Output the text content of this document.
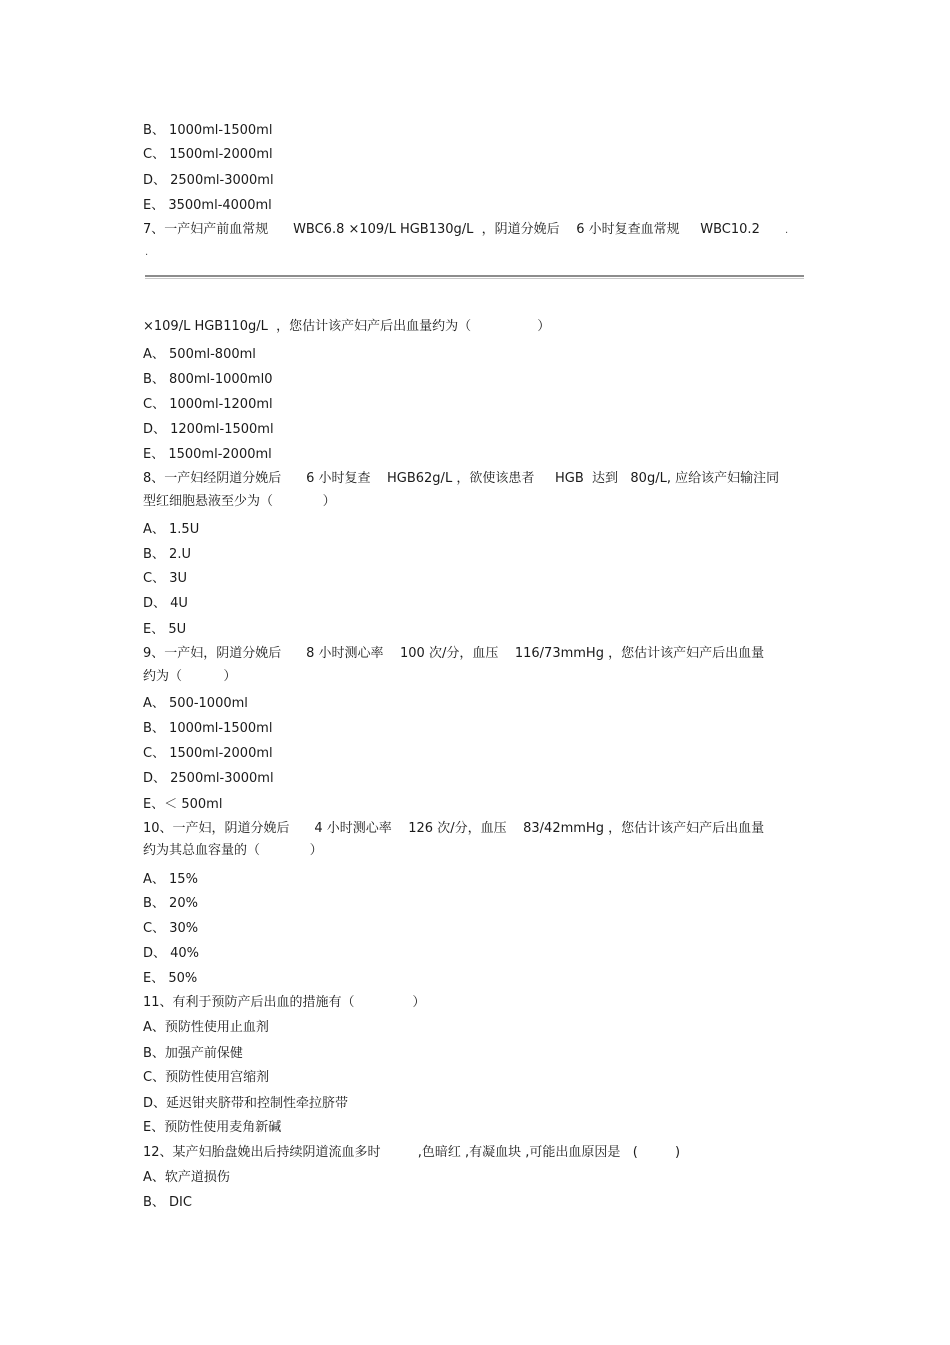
B、 1000ml-1500ml
C、 1500ml-2000ml
D、 2500ml-3000ml
E、 3500ml-4000ml
7、一产妇产前血常规      WBC6.8 ×109/L HGB130g/L  ，阴道分娩后    6 小时复查血常规     WBC10.2	.
.
×109/L HGB110g/L  ，您估计该产妇产后出血量约为（                ）
A、 500ml-800ml
B、 800ml-1000ml0
C、 1000ml-1200ml
D、 1200ml-1500ml
E、 1500ml-2000ml
8、一产妇经阴道分娩后      6 小时复查    HGB62g/L ，欲使该患者     HGB  达到   80g/L, 应给该产妇输注同
型红细胞悬液至少为（            ）
A、 1.5U
B、 2.U
C、 3U
D、 4U
E、 5U
9、一产妇，阴道分娩后      8 小时测心率    100 次/分，血压    116/73mmHg ，您估计该产妇产后出血量
约为（          ）
A、 500-1000ml
B、 1000ml-1500ml
C、 1500ml-2000ml
D、 2500ml-3000ml
E、＜ 500ml
10、一产妇，阴道分娩后      4 小时测心率    126 次/分，血压    83/42mmHg ，您估计该产妇产后出血量
约为其总血容量的（            ）
A、 15%
B、 20%
C、 30%
D、 40%
E、 50%
11、有利于预防产后出血的措施有（              ）
A、预防性使用止血剂
B、加强产前保健
C、预防性使用宫缩剂
D、延迟钳夹脐带和控制性牵拉脐带
E、预防性使用麦角新碱
12、某产妇胎盘娩出后持续阴道流血多时         ,色暗红 ,有凝血块 ,可能出血原因是   (         )
A、软产道损伤
B、 DIC
